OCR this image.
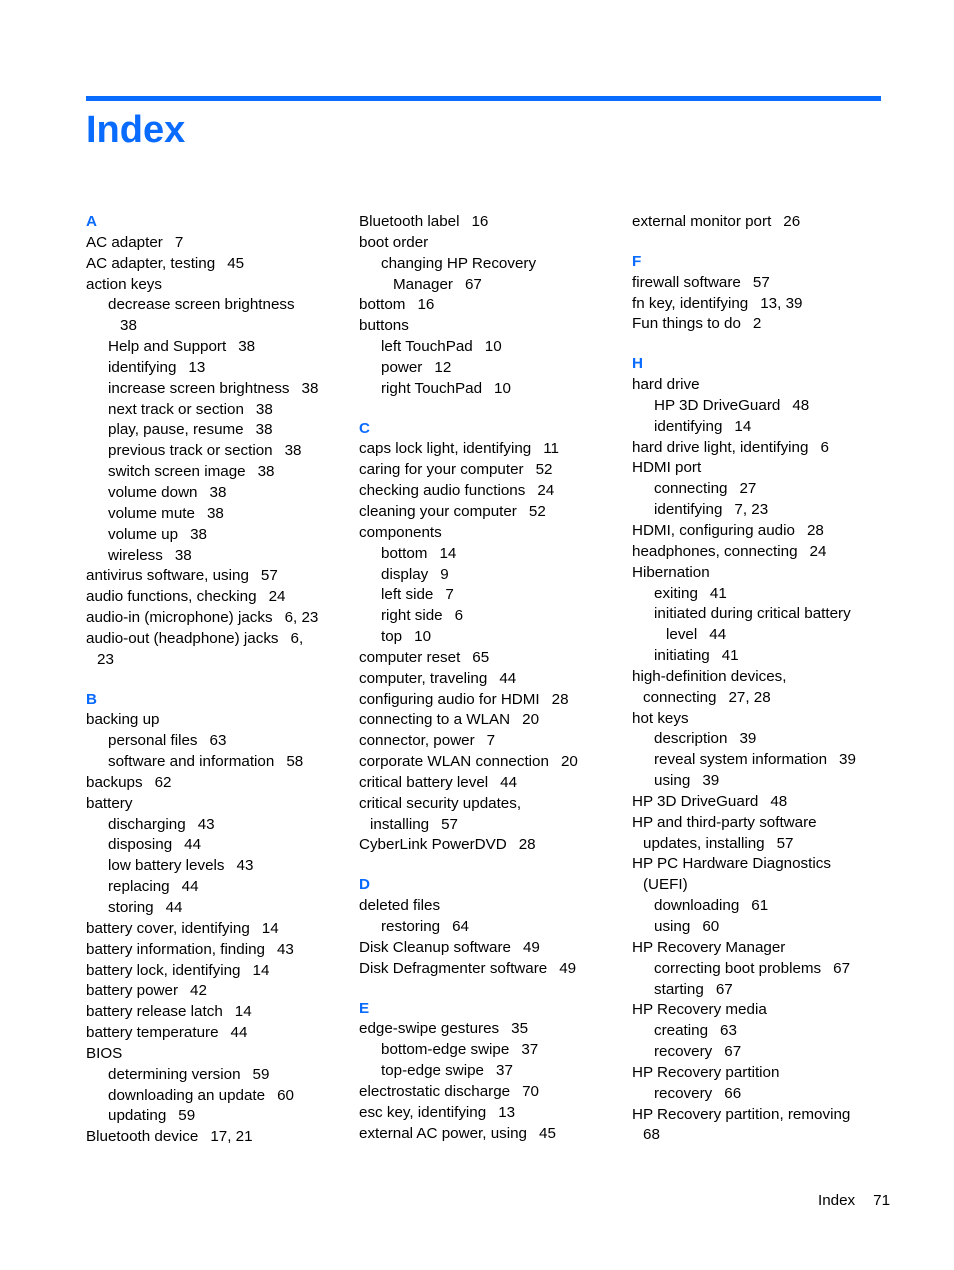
Index
A
AC adapter 7
AC adapter, testing 45
action keys
decrease screen brightness
38
Help and Support 38
identifying 13
increase screen brightness 38
next track or section 38
play, pause, resume 38
previous track or section 38
switch screen image 38
volume down 38
volume mute 38
volume up 38
wireless 38
antivirus software, using 57
audio functions, checking 24
audio-in (microphone) jacks 6, 23
audio-out (headphone) jacks 6,
23
B
backing up
personal files 63
software and information 58
backups 62
battery
discharging 43
disposing 44
low battery levels 43
replacing 44
storing 44
battery cover, identifying 14
battery information, finding 43
battery lock, identifying 14
battery power 42
battery release latch 14
battery temperature 44
BIOS
determining version 59
downloading an update 60
updating 59
Bluetooth device 17, 21
Bluetooth label 16
boot order
changing HP Recovery
Manager 67
bottom 16
buttons
left TouchPad 10
power 12
right TouchPad 10
C
caps lock light, identifying 11
caring for your computer 52
checking audio functions 24
cleaning your computer 52
components
bottom 14
display 9
left side 7
right side 6
top 10
computer reset 65
computer, traveling 44
configuring audio for HDMI 28
connecting to a WLAN 20
connector, power 7
corporate WLAN connection 20
critical battery level 44
critical security updates,
installing 57
CyberLink PowerDVD 28
D
deleted files
restoring 64
Disk Cleanup software 49
Disk Defragmenter software 49
E
edge-swipe gestures 35
bottom-edge swipe 37
top-edge swipe 37
electrostatic discharge 70
esc key, identifying 13
external AC power, using 45
external monitor port 26
F
firewall software 57
fn key, identifying 13, 39
Fun things to do 2
H
hard drive
HP 3D DriveGuard 48
identifying 14
hard drive light, identifying 6
HDMI port
connecting 27
identifying 7, 23
HDMI, configuring audio 28
headphones, connecting 24
Hibernation
exiting 41
initiated during critical battery
level 44
initiating 41
high-definition devices,
connecting 27, 28
hot keys
description 39
reveal system information 39
using 39
HP 3D DriveGuard 48
HP and third-party software
updates, installing 57
HP PC Hardware Diagnostics
(UEFI)
downloading 61
using 60
HP Recovery Manager
correcting boot problems 67
starting 67
HP Recovery media
creating 63
recovery 67
HP Recovery partition
recovery 66
HP Recovery partition, removing
68
Index 71
